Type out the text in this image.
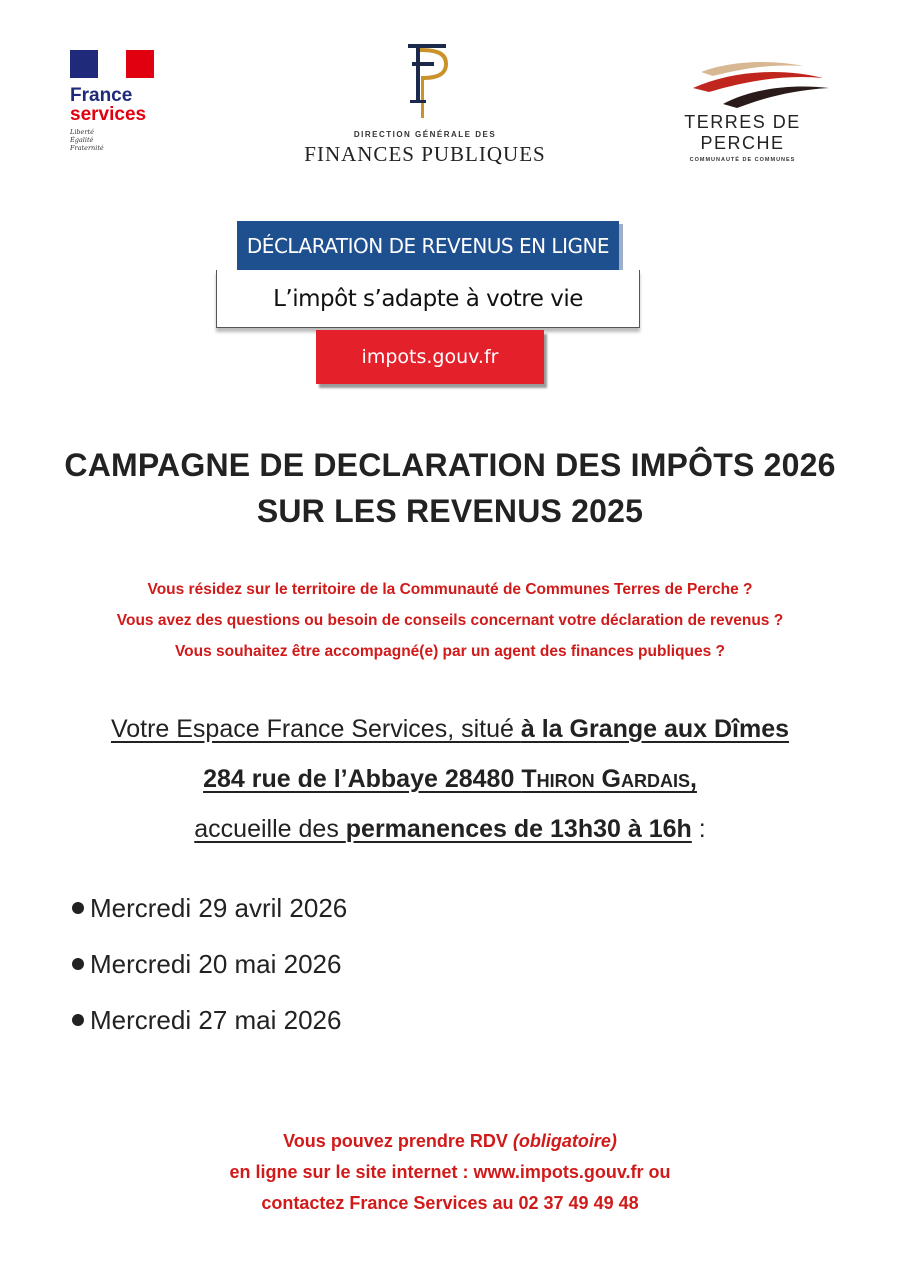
France
services
Liberté
Égalité
Fraternité
DIRECTION GÉNÉRALE DES
FINANCES PUBLIQUES
TERRES DE PERCHE
COMMUNAUTÉ DE COMMUNES
DÉCLARATION DE REVENUS EN LIGNE
L’impôt s’adapte à votre vie
impots.gouv.fr
CAMPAGNE DE DECLARATION DES IMPÔTS 2026
SUR LES REVENUS 2025
Vous résidez sur le territoire de la Communauté de Communes Terres de Perche ?
Vous avez des questions ou besoin de conseils concernant votre déclaration de revenus ?
Vous souhaitez être accompagné(e) par un agent des finances publiques ?
Votre Espace France Services, situé à la Grange aux Dîmes
284 rue de l’Abbaye 28480 Thiron Gardais,
accueille des permanences de 13h30 à 16h :
Mercredi 29 avril 2026
Mercredi 20 mai 2026
Mercredi 27 mai 2026
Vous pouvez prendre RDV (obligatoire)
en ligne sur le site internet : www.impots.gouv.fr ou
contactez France Services au 02 37 49 49 48
